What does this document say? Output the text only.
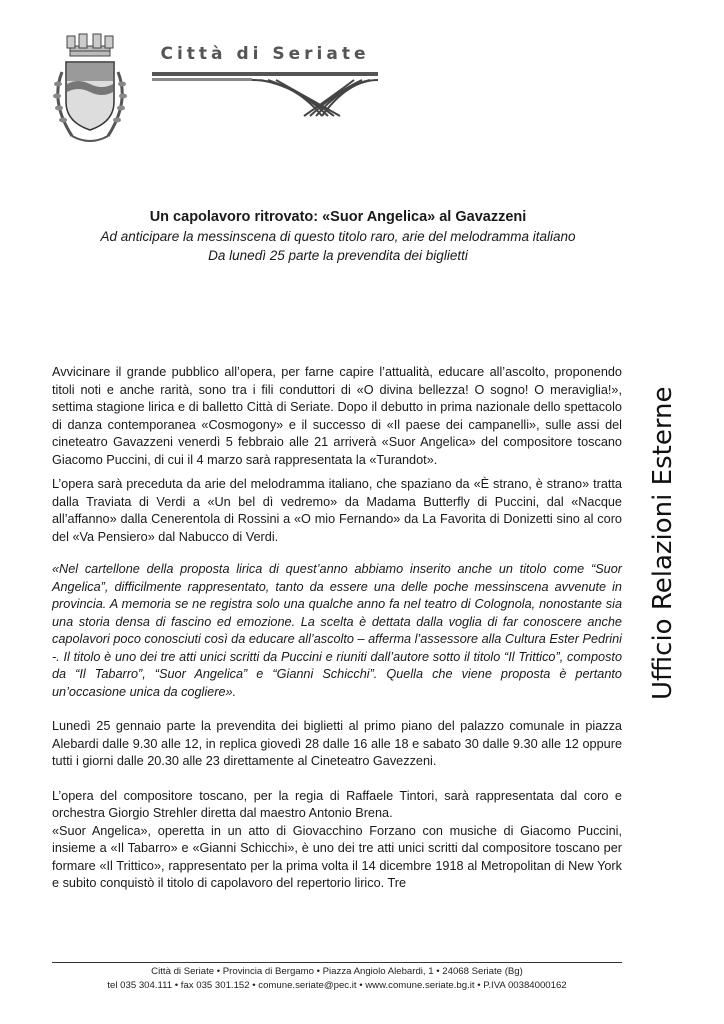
Città di Seriate
Ufficio Relazioni Esterne
Un capolavoro ritrovato: «Suor Angelica» al Gavazzeni
Ad anticipare la messinscena di questo titolo raro, arie del melodramma italiano
Da lunedì 25 parte la prevendita dei biglietti

Avvicinare il grande pubblico all’opera, per farne capire l’attualità, educare all’ascolto, proponendo titoli noti e anche rarità, sono tra i fili conduttori di «O divina bellezza! O sogno! O meraviglia!», settima stagione lirica e di balletto Città di Seriate. Dopo il debutto in prima nazionale dello spettacolo di danza contemporanea «Cosmogony» e il successo di «Il paese dei campanelli», sulle assi del cineteatro Gavazzeni venerdì 5 febbraio alle 21 arriverà «Suor Angelica» del compositore toscano Giacomo Puccini, di cui il 4 marzo sarà rappresentata la «Turandot».

L’opera sarà preceduta da arie del melodramma italiano, che spaziano da «È strano, è strano» tratta dalla Traviata di Verdi a «Un bel dì vedremo» da Madama Butterfly di Puccini, dal «Nacque all’affanno» dalla Cenerentola di Rossini a «O mio Fernando» da La Favorita di Donizetti sino al coro del «Va Pensiero» dal Nabucco di Verdi.

«Nel cartellone della proposta lirica di quest’anno abbiamo inserito anche un titolo come “Suor Angelica”, difficilmente rappresentato, tanto da essere una delle poche messinscena avvenute in provincia. A memoria se ne registra solo una qualche anno fa nel teatro di Colognola, nonostante sia una storia densa di fascino ed emozione. La scelta è dettata dalla voglia di far conoscere anche capolavori poco conosciuti così da educare all’ascolto – afferma l’assessore alla Cultura Ester Pedrini -. Il titolo è uno dei tre atti unici scritti da Puccini e riuniti dall’autore sotto il titolo “Il Trittico”, composto da “Il Tabarro”, “Suor Angelica” e “Gianni Schicchi”. Quella che viene proposta è pertanto un’occasione unica da cogliere».

Lunedì 25 gennaio parte la prevendita dei biglietti al primo piano del palazzo comunale in piazza Alebardi dalle 9.30 alle 12, in replica giovedì 28 dalle 16 alle 18 e sabato 30 dalle 9.30 alle 12 oppure tutti i giorni dalle 20.30 alle 23 direttamente al Cineteatro Gavezzeni.

L’opera del compositore toscano, per la regia di Raffaele Tintori, sarà rappresentata dal coro e orchestra Giorgio Strehler diretta dal maestro Antonio Brena.

«Suor Angelica», operetta in un atto di Giovacchino Forzano con musiche di Giacomo Puccini, insieme a «Il Tabarro» e «Gianni Schicchi», è uno dei tre atti unici scritti dal compositore toscano per formare «Il Trittico», rappresentato per la prima volta il 14 dicembre 1918 al Metropolitan di New York e subito conquistò il titolo di capolavoro del repertorio lirico. Tre

Città di Seriate • Provincia di Bergamo • Piazza Angiolo Alebardi, 1 • 24068 Seriate (Bg)
tel 035 304.111 • fax 035 301.152 • comune.seriate@pec.it • www.comune.seriate.bg.it • P.IVA 00384000162
